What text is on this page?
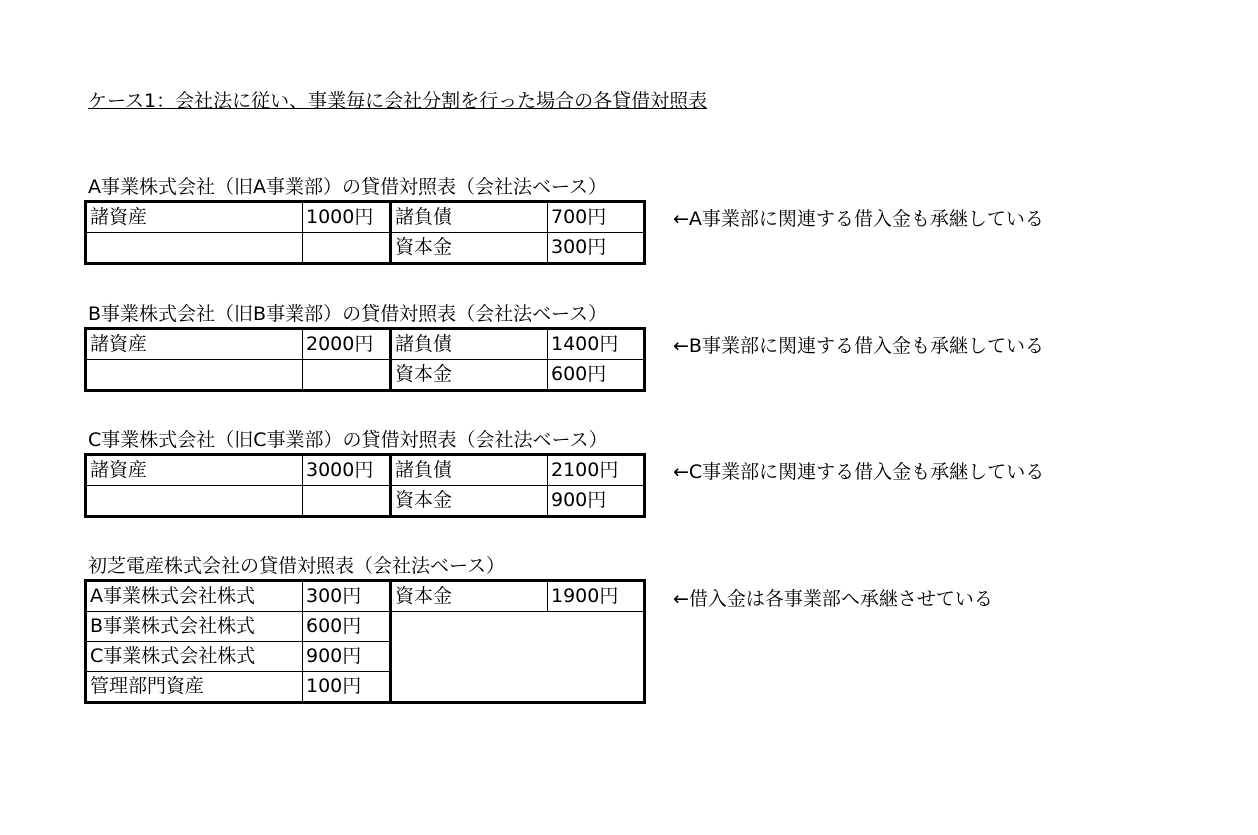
ケース1：会社法に従い、事業毎に会社分割を行った場合の各貸借対照表
A事業株式会社（旧A事業部）の貸借対照表（会社法ベース）
諸資産	1000円	諸負債	700円
		資本金	300円
←A事業部に関連する借入金も承継している
B事業株式会社（旧B事業部）の貸借対照表（会社法ベース）
諸資産	2000円	諸負債	1400円
		資本金	600円
←B事業部に関連する借入金も承継している
C事業株式会社（旧C事業部）の貸借対照表（会社法ベース）
諸資産	3000円	諸負債	2100円
		資本金	900円
←C事業部に関連する借入金も承継している
初芝電産株式会社の貸借対照表（会社法ベース）
A事業株式会社株式	300円	資本金	1900円
B事業株式会社株式	600円		
C事業株式会社株式	900円		
管理部門資産	100円		
←借入金は各事業部へ承継させている
